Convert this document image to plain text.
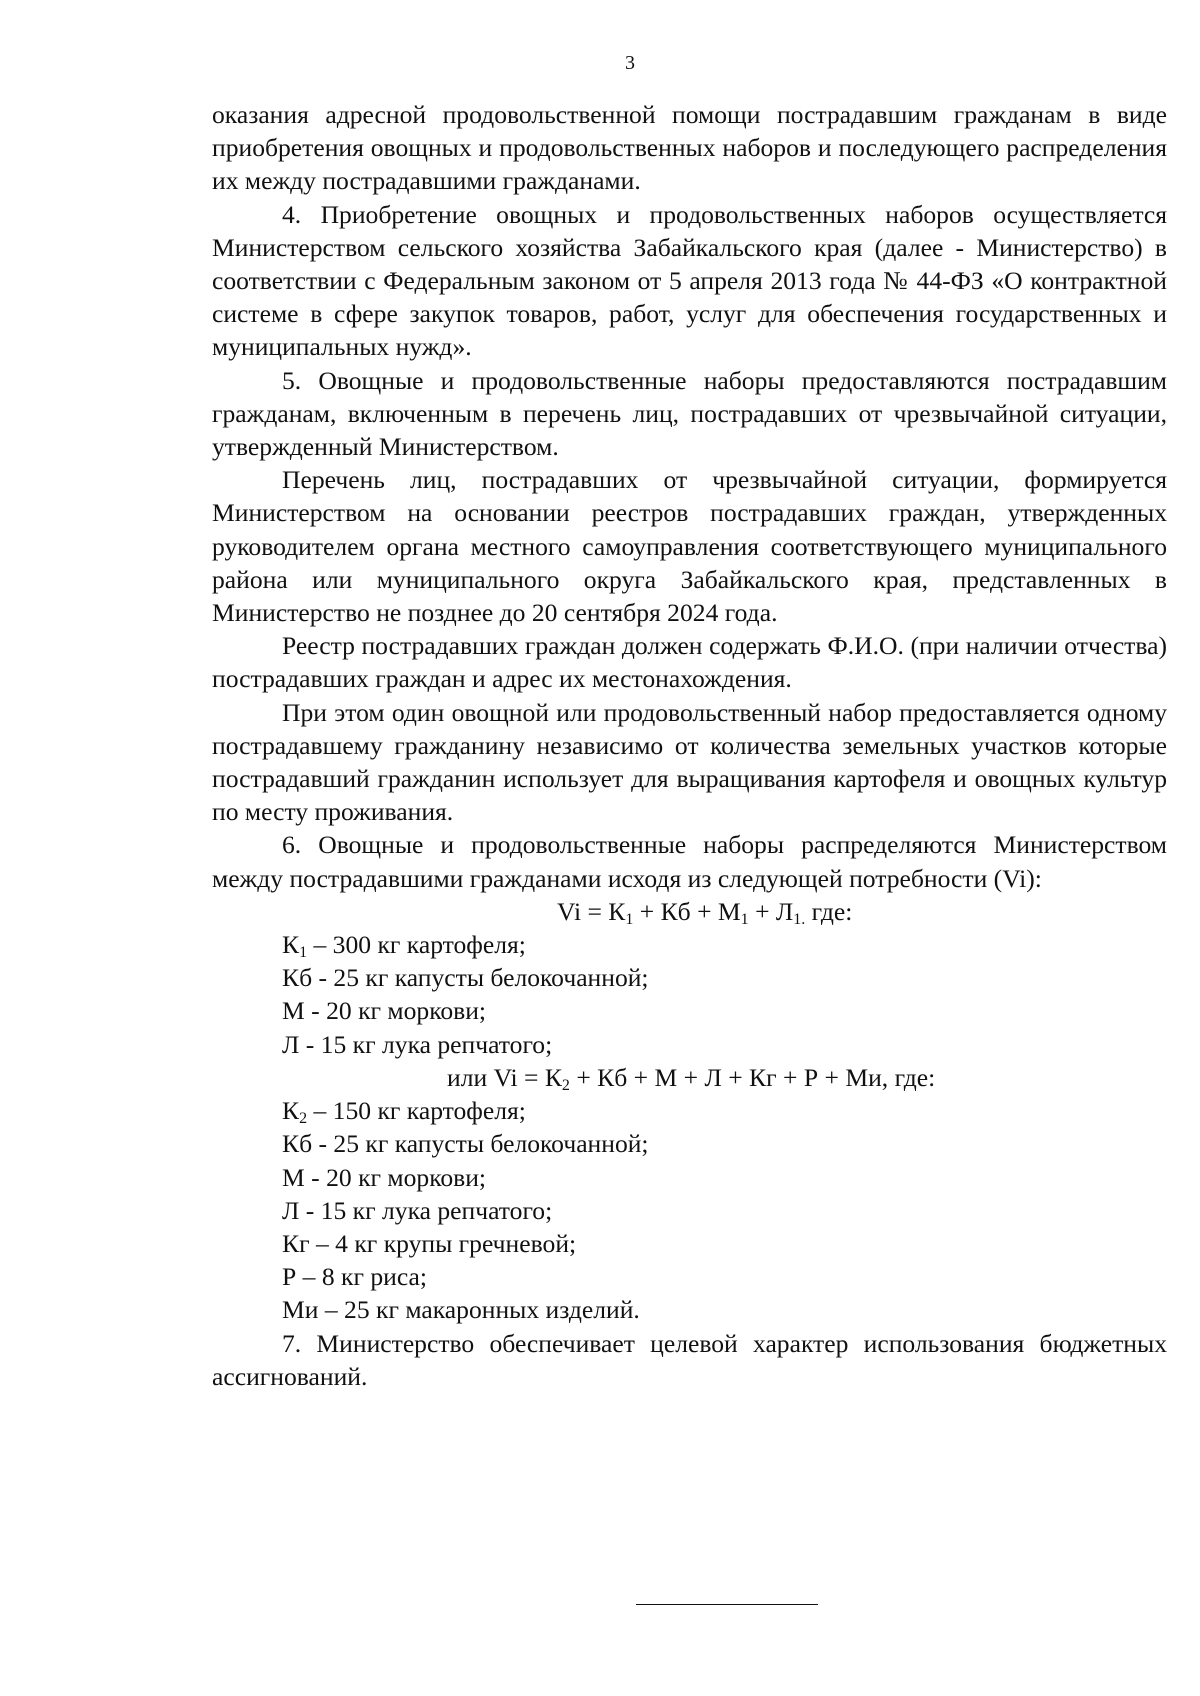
3

оказания адресной продовольственной помощи пострадавшим гражданам в виде приобретения овощных и продовольственных наборов и последующего распределения их между пострадавшими гражданами.

4. Приобретение овощных и продовольственных наборов осуществляется Министерством сельского хозяйства Забайкальского края (далее - Министерство) в соответствии с Федеральным законом от 5 апреля 2013 года № 44-ФЗ «О контрактной системе в сфере закупок товаров, работ, услуг для обеспечения государственных и муниципальных нужд».

5. Овощные и продовольственные наборы предоставляются пострадавшим гражданам, включенным в перечень лиц, пострадавших от чрезвычайной ситуации, утвержденный Министерством.

Перечень лиц, пострадавших от чрезвычайной ситуации, формируется Министерством на основании реестров пострадавших граждан, утвержденных руководителем органа местного самоуправления соответствующего муниципального района или муниципального округа Забайкальского края, представленных в Министерство не позднее до 20 сентября 2024 года.

Реестр пострадавших граждан должен содержать Ф.И.О. (при наличии отчества) пострадавших граждан и адрес их местонахождения.

При этом один овощной или продовольственный набор предоставляется одному пострадавшему гражданину независимо от количества земельных участков которые пострадавший гражданин использует для выращивания картофеля и овощных культур по месту проживания.

6. Овощные и продовольственные наборы распределяются Министерством между пострадавшими гражданами исходя из следующей потребности (Vi):

$Vi = К_1$ + Кб + $М_1 + Л_{1.}$ где:

$К_1 - 300$ кг картофеля;

Кб - 25 кг капусты белокочанной;

М - 20 кг моркови;

Л - 15 кг лука репчатого;

или $Vi = К_2$ + Кб + М + Л + Кг + Р + Ми, где:

$К_2 - 150$ кг картофеля;

Кб - 25 кг капусты белокочанной;

М - 20 кг моркови;

Л - 15 кг лука репчатого;

Кг – 4 кг крупы гречневой;

Р – 8 кг риса;

Ми – 25 кг макаронных изделий.

7. Министерство обеспечивает целевой характер использования бюджетных ассигнований.
